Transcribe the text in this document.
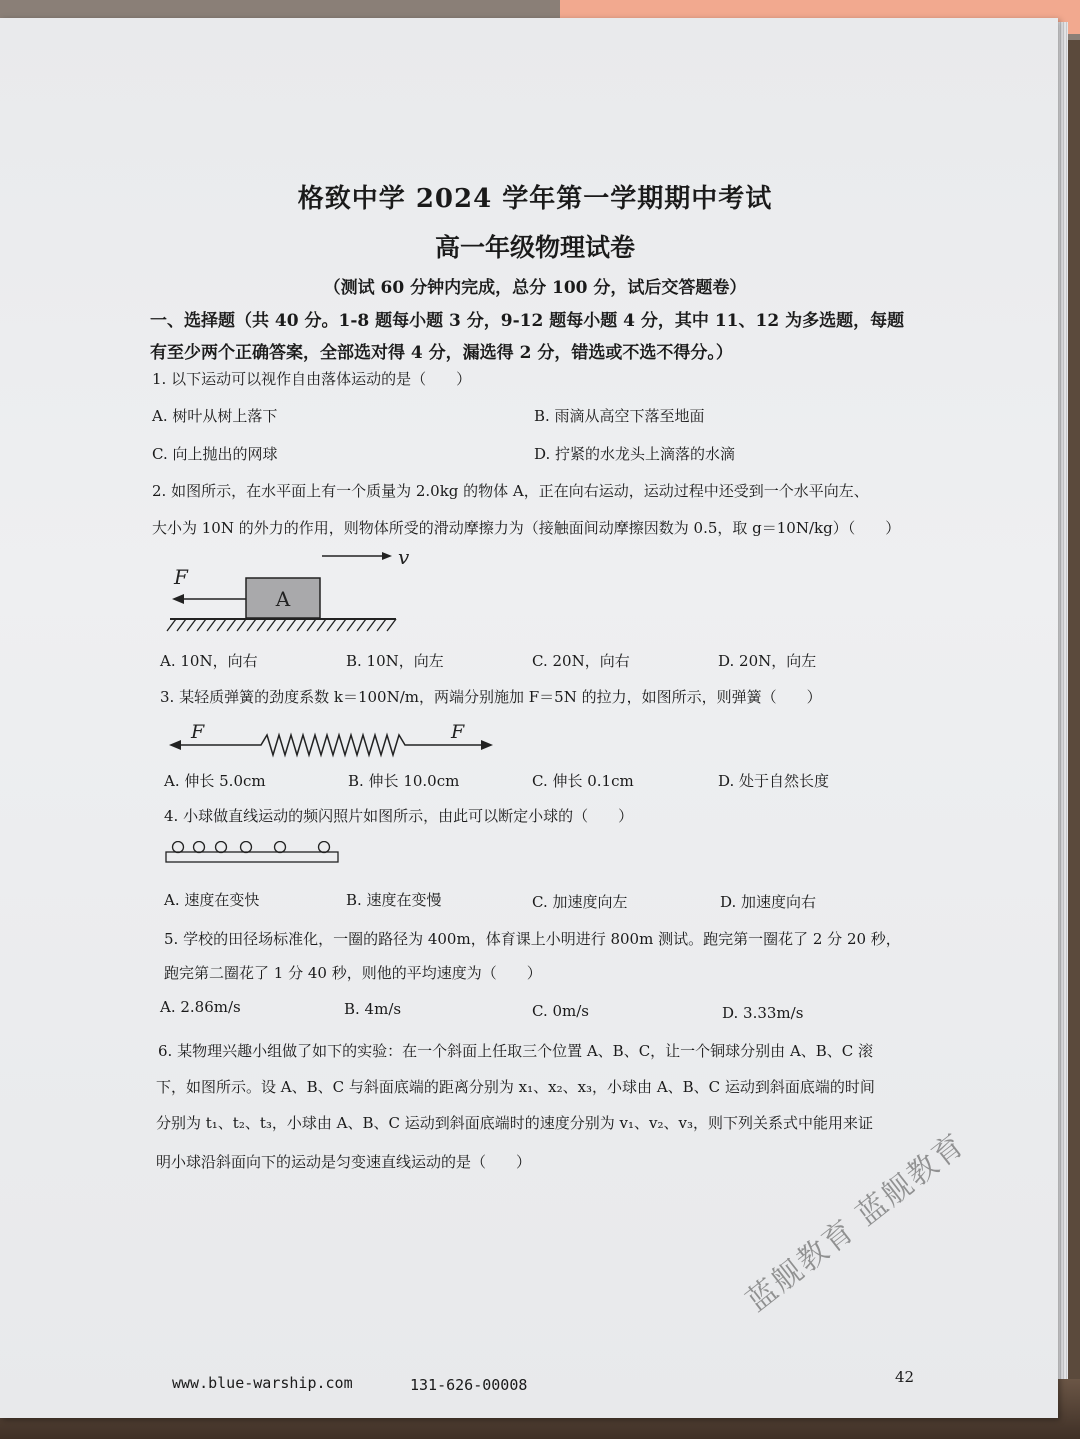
格致中学 2024 学年第一学期期中考试
高一年级物理试卷
（测试 60 分钟内完成，总分 100 分，试后交答题卷）
一、选择题（共 40 分。1-8 题每小题 3 分，9-12 题每小题 4 分，其中 11、12 为多选题，每题
有至少两个正确答案，全部选对得 4 分，漏选得 2 分，错选或不选不得分。）
1. 以下运动可以视作自由落体运动的是（　　）
A. 树叶从树上落下	B. 雨滴从高空下落至地面
C. 向上抛出的网球	D. 拧紧的水龙头上滴落的水滴
2. 如图所示，在水平面上有一个质量为 2.0kg 的物体 A，正在向右运动，运动过程中还受到一个水平向左、
大小为 10N 的外力的作用，则物体所受的滑动摩擦力为（接触面间动摩擦因数为 0.5，取 g＝10N/kg）（　　）
v
F
A
A. 10N，向右	B. 10N，向左	C. 20N，向右	D. 20N，向左
3. 某轻质弹簧的劲度系数 k＝100N/m，两端分别施加 F＝5N 的拉力，如图所示，则弹簧（　　）
F	F
A. 伸长 5.0cm	B. 伸长 10.0cm	C. 伸长 0.1cm	D. 处于自然长度
4. 小球做直线运动的频闪照片如图所示，由此可以断定小球的（　　）
A. 速度在变快	B. 速度在变慢	C. 加速度向左	D. 加速度向右
5. 学校的田径场标准化，一圈的路径为 400m，体育课上小明进行 800m 测试。跑完第一圈花了 2 分 20 秒，
跑完第二圈花了 1 分 40 秒，则他的平均速度为（　　）
A. 2.86m/s	B. 4m/s	C. 0m/s	D. 3.33m/s
6. 某物理兴趣小组做了如下的实验：在一个斜面上任取三个位置 A、B、C，让一个铜球分别由 A、B、C 滚
下，如图所示。设 A、B、C 与斜面底端的距离分别为 x₁、x₂、x₃，小球由 A、B、C 运动到斜面底端的时间
分别为 t₁、t₂、t₃，小球由 A、B、C 运动到斜面底端时的速度分别为 v₁、v₂、v₃，则下列关系式中能用来证
明小球沿斜面向下的运动是匀变速直线运动的是（　　）
www.blue-warship.com	131-626-00008	42
蓝舰教育 蓝舰教育
